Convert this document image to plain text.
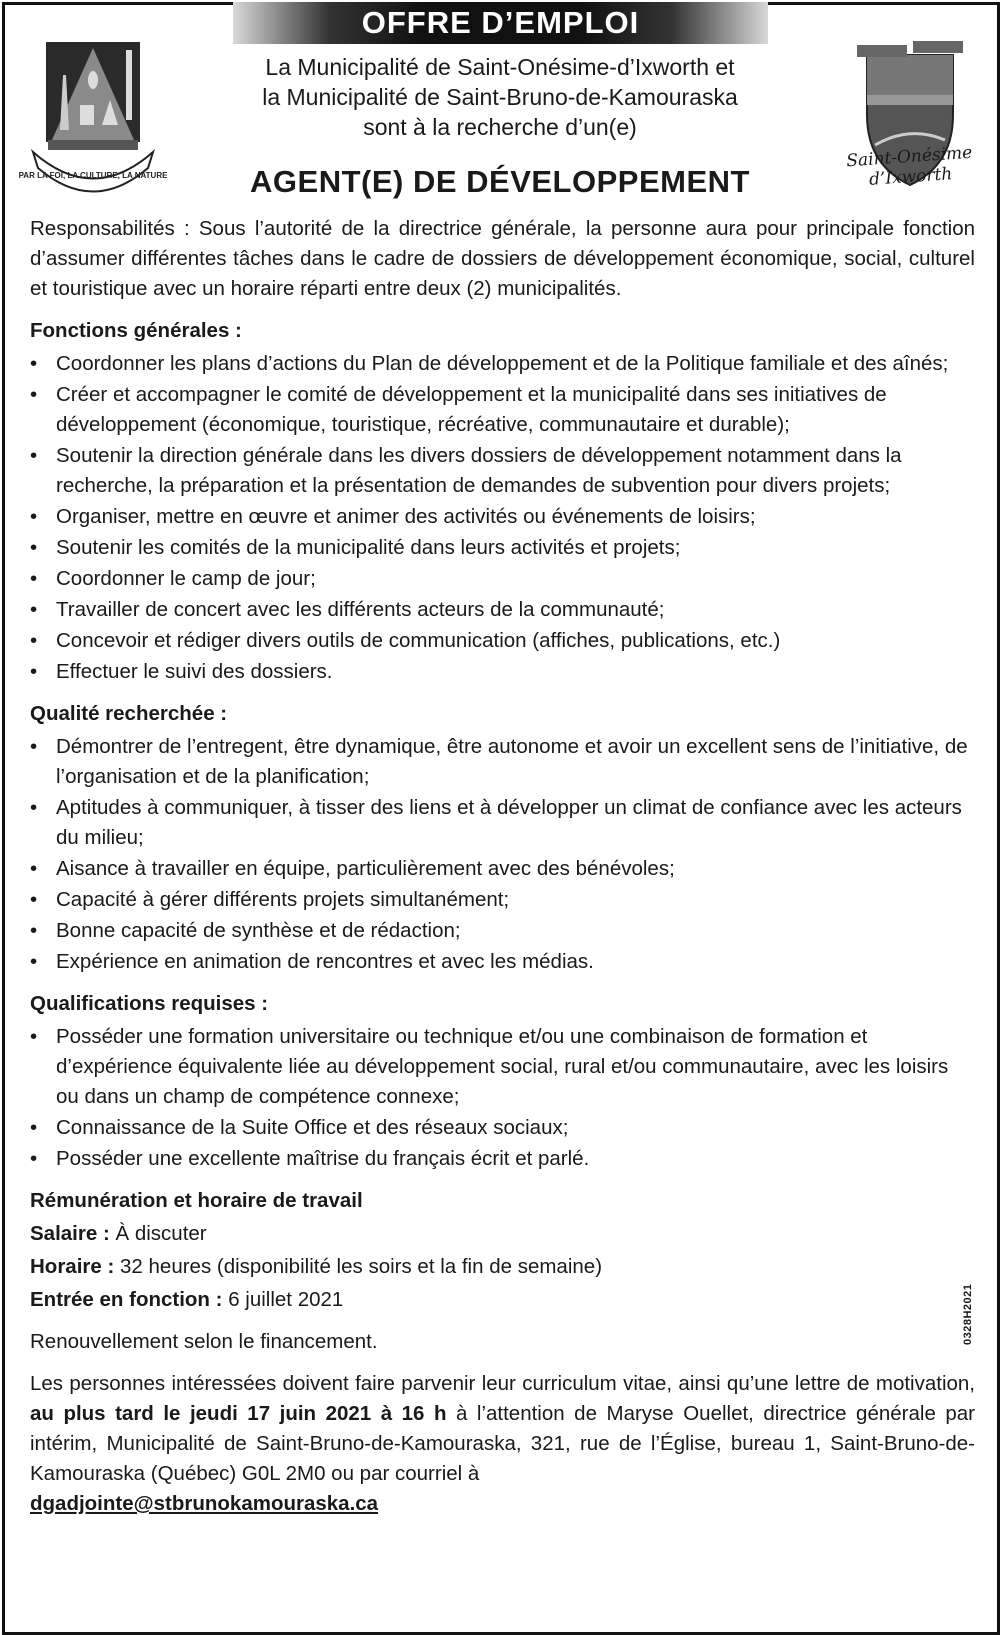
OFFRE D’EMPLOI
PAR LA FOI, LA CULTURE, LA NATURE
La Municipalité de Saint-Onésime-d’Ixworth et
la Municipalité de Saint-Bruno-de-Kamouraska
sont à la recherche d’un(e)
AGENT(E) DE DÉVELOPPEMENT
Saint-Onésime
d’Ixworth

Responsabilités : Sous l’autorité de la directrice générale, la personne aura pour principale fonction d’assumer différentes tâches dans le cadre de dossiers de développement économique, social, culturel et touristique avec un horaire réparti entre deux (2) municipalités.

Fonctions générales :

• Coordonner les plans d’actions du Plan de développement et de la Politique familiale et des aînés;
• Créer et accompagner le comité de développement et la municipalité dans ses initiatives de développement (économique, touristique, récréative, communautaire et durable);
• Soutenir la direction générale dans les divers dossiers de développement notamment dans la recherche, la préparation et la présentation de demandes de subvention pour divers projets;
• Organiser, mettre en œuvre et animer des activités ou événements de loisirs;
• Soutenir les comités de la municipalité dans leurs activités et projets;
• Coordonner le camp de jour;
• Travailler de concert avec les différents acteurs de la communauté;
• Concevoir et rédiger divers outils de communication (affiches, publications, etc.)
• Effectuer le suivi des dossiers.

Qualité recherchée :

• Démontrer de l’entregent, être dynamique, être autonome et avoir un excellent sens de l’initiative, de l’organisation et de la planification;
• Aptitudes à communiquer, à tisser des liens et à développer un climat de confiance avec les acteurs du milieu;
• Aisance à travailler en équipe, particulièrement avec des bénévoles;
• Capacité à gérer différents projets simultanément;
• Bonne capacité de synthèse et de rédaction;
• Expérience en animation de rencontres et avec les médias.

Qualifications requises :

• Posséder une formation universitaire ou technique et/ou une combinaison de formation et d’expérience équivalente liée au développement social, rural et/ou communautaire, avec les loisirs ou dans un champ de compétence connexe;
• Connaissance de la Suite Office et des réseaux sociaux;
• Posséder une excellente maîtrise du français écrit et parlé.

Rémunération et horaire de travail

Salaire : À discuter

Horaire : 32 heures (disponibilité les soirs et la fin de semaine)

Entrée en fonction : 6 juillet 2021

Renouvellement selon le financement.

Les personnes intéressées doivent faire parvenir leur curriculum vitae, ainsi qu’une lettre de motivation, au plus tard le jeudi 17 juin 2021 à 16 h à l’attention de Maryse Ouellet, directrice générale par intérim, Municipalité de Saint-Bruno-de-Kamouraska, 321, rue de l’Église, bureau 1, Saint-Bruno-de-Kamouraska (Québec) G0L 2M0 ou par courriel à

dgadjointe@stbrunokamouraska.ca

0328H2021
